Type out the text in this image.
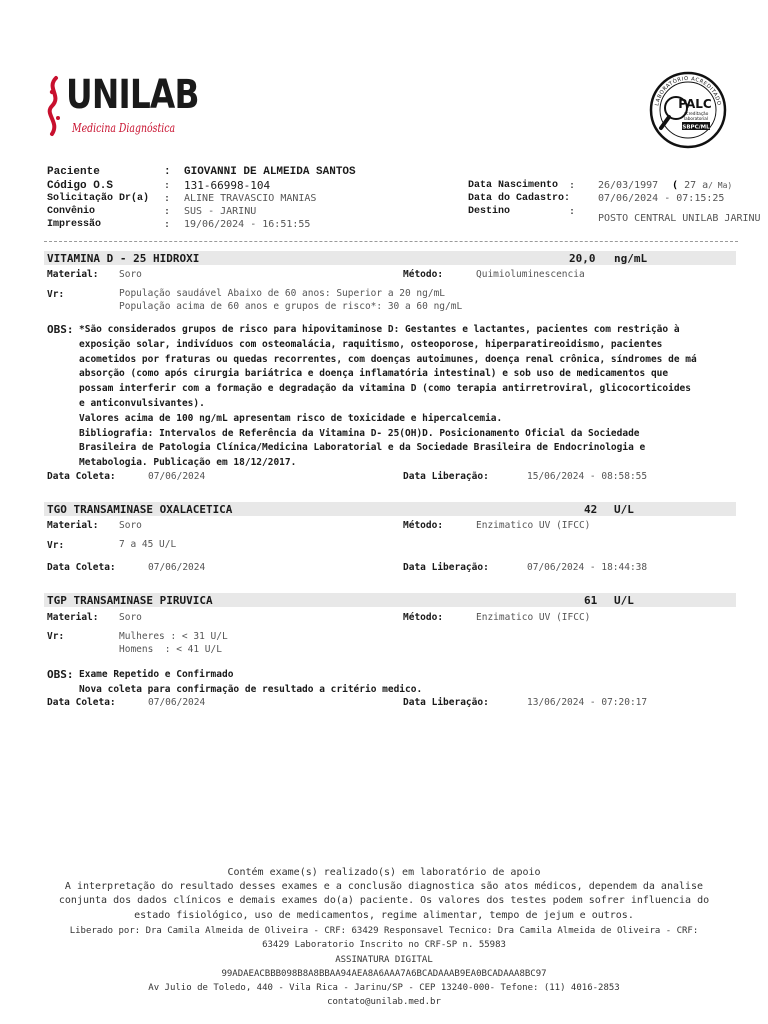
UNILAB
Medicina Diagnóstica
LABORATÓRIO ACREDITADO
PALC
acreditação
laboratorial
SBPC/ML
Paciente	: GIOVANNI DE ALMEIDA SANTOS
Código O.S	: 131-66998-104
Solicitação Dr(a) : ALINE TRAVASCIO MANIAS
Convênio	: SUS - JARINU
Impressão	: 19/06/2024 - 16:51:55
Data Nascimento : 26/03/1997 ( 27 a/ Ma)
Data do Cadastro:	07/06/2024 - 07:15:25
Destino	:
POSTO CENTRAL UNILAB JARINU
VITAMINA D - 25 HIDROXI	20,0 ng/mL
Material: Soro	Método:	Quimioluminescencia
Vr:	População saudável Abaixo de 60 anos: Superior a 20 ng/mL
População acima de 60 anos e grupos de risco*: 30 a 60 ng/mL
OBS: *São considerados grupos de risco para hipovitaminose D: Gestantes e lactantes, pacientes com restrição à
exposição solar, indivíduos com osteomalácia, raquitismo, osteoporose, hiperparatireoidismo, pacientes
acometidos por fraturas ou quedas recorrentes, com doenças autoimunes, doença renal crônica, síndromes de má
absorção (como após cirurgia bariátrica e doença inflamatória intestinal) e sob uso de medicamentos que
possam interferir com a formação e degradação da vitamina D (como terapia antirretroviral, glicocorticoides
e anticonvulsivantes).
Valores acima de 100 ng/mL apresentam risco de toxicidade e hipercalcemia.
Bibliografia: Intervalos de Referência da Vitamina D- 25(OH)D. Posicionamento Oficial da Sociedade
Brasileira de Patologia Clínica/Medicina Laboratorial e da Sociedade Brasileira de Endocrinologia e
Metabologia. Publicação em 18/12/2017.
Data Coleta:	07/06/2024	Data Liberação:	15/06/2024 - 08:58:55
TGO TRANSAMINASE OXALACETICA	42 U/L
Material: Soro	Método:	Enzimatico UV (IFCC)
Vr:	7 a 45 U/L
Data Coleta:	07/06/2024	Data Liberação:	07/06/2024 - 18:44:38
TGP TRANSAMINASE PIRUVICA	61 U/L
Material: Soro	Método:	Enzimatico UV (IFCC)
Vr:	Mulheres : < 31 U/L
Homens  : < 41 U/L
OBS: Exame Repetido e Confirmado
Nova coleta para confirmação de resultado a critério medico.
Data Coleta:	07/06/2024	Data Liberação:	13/06/2024 - 07:20:17
Contém exame(s) realizado(s) em laboratório de apoio
A interpretação do resultado desses exames e a conclusão diagnostica são atos médicos, dependem da analise
conjunta dos dados clínicos e demais exames do(a) paciente. Os valores dos testes podem sofrer influencia do
estado fisiológico, uso de medicamentos, regime alimentar, tempo de jejum e outros.
Liberado por: Dra Camila Almeida de Oliveira - CRF: 63429 Responsavel Tecnico: Dra Camila Almeida de Oliveira - CRF:
63429 Laboratorio Inscrito no CRF-SP n. 55983
ASSINATURA DIGITAL
99ADAEACBBB098B8A8BBAA94AEA8A6AAA7A6BCADAAAB9EA0BCADAAA8BC97
Av Julio de Toledo, 440 - Vila Rica - Jarinu/SP - CEP 13240-000- Tefone: (11) 4016-2853
contato@unilab.med.br
